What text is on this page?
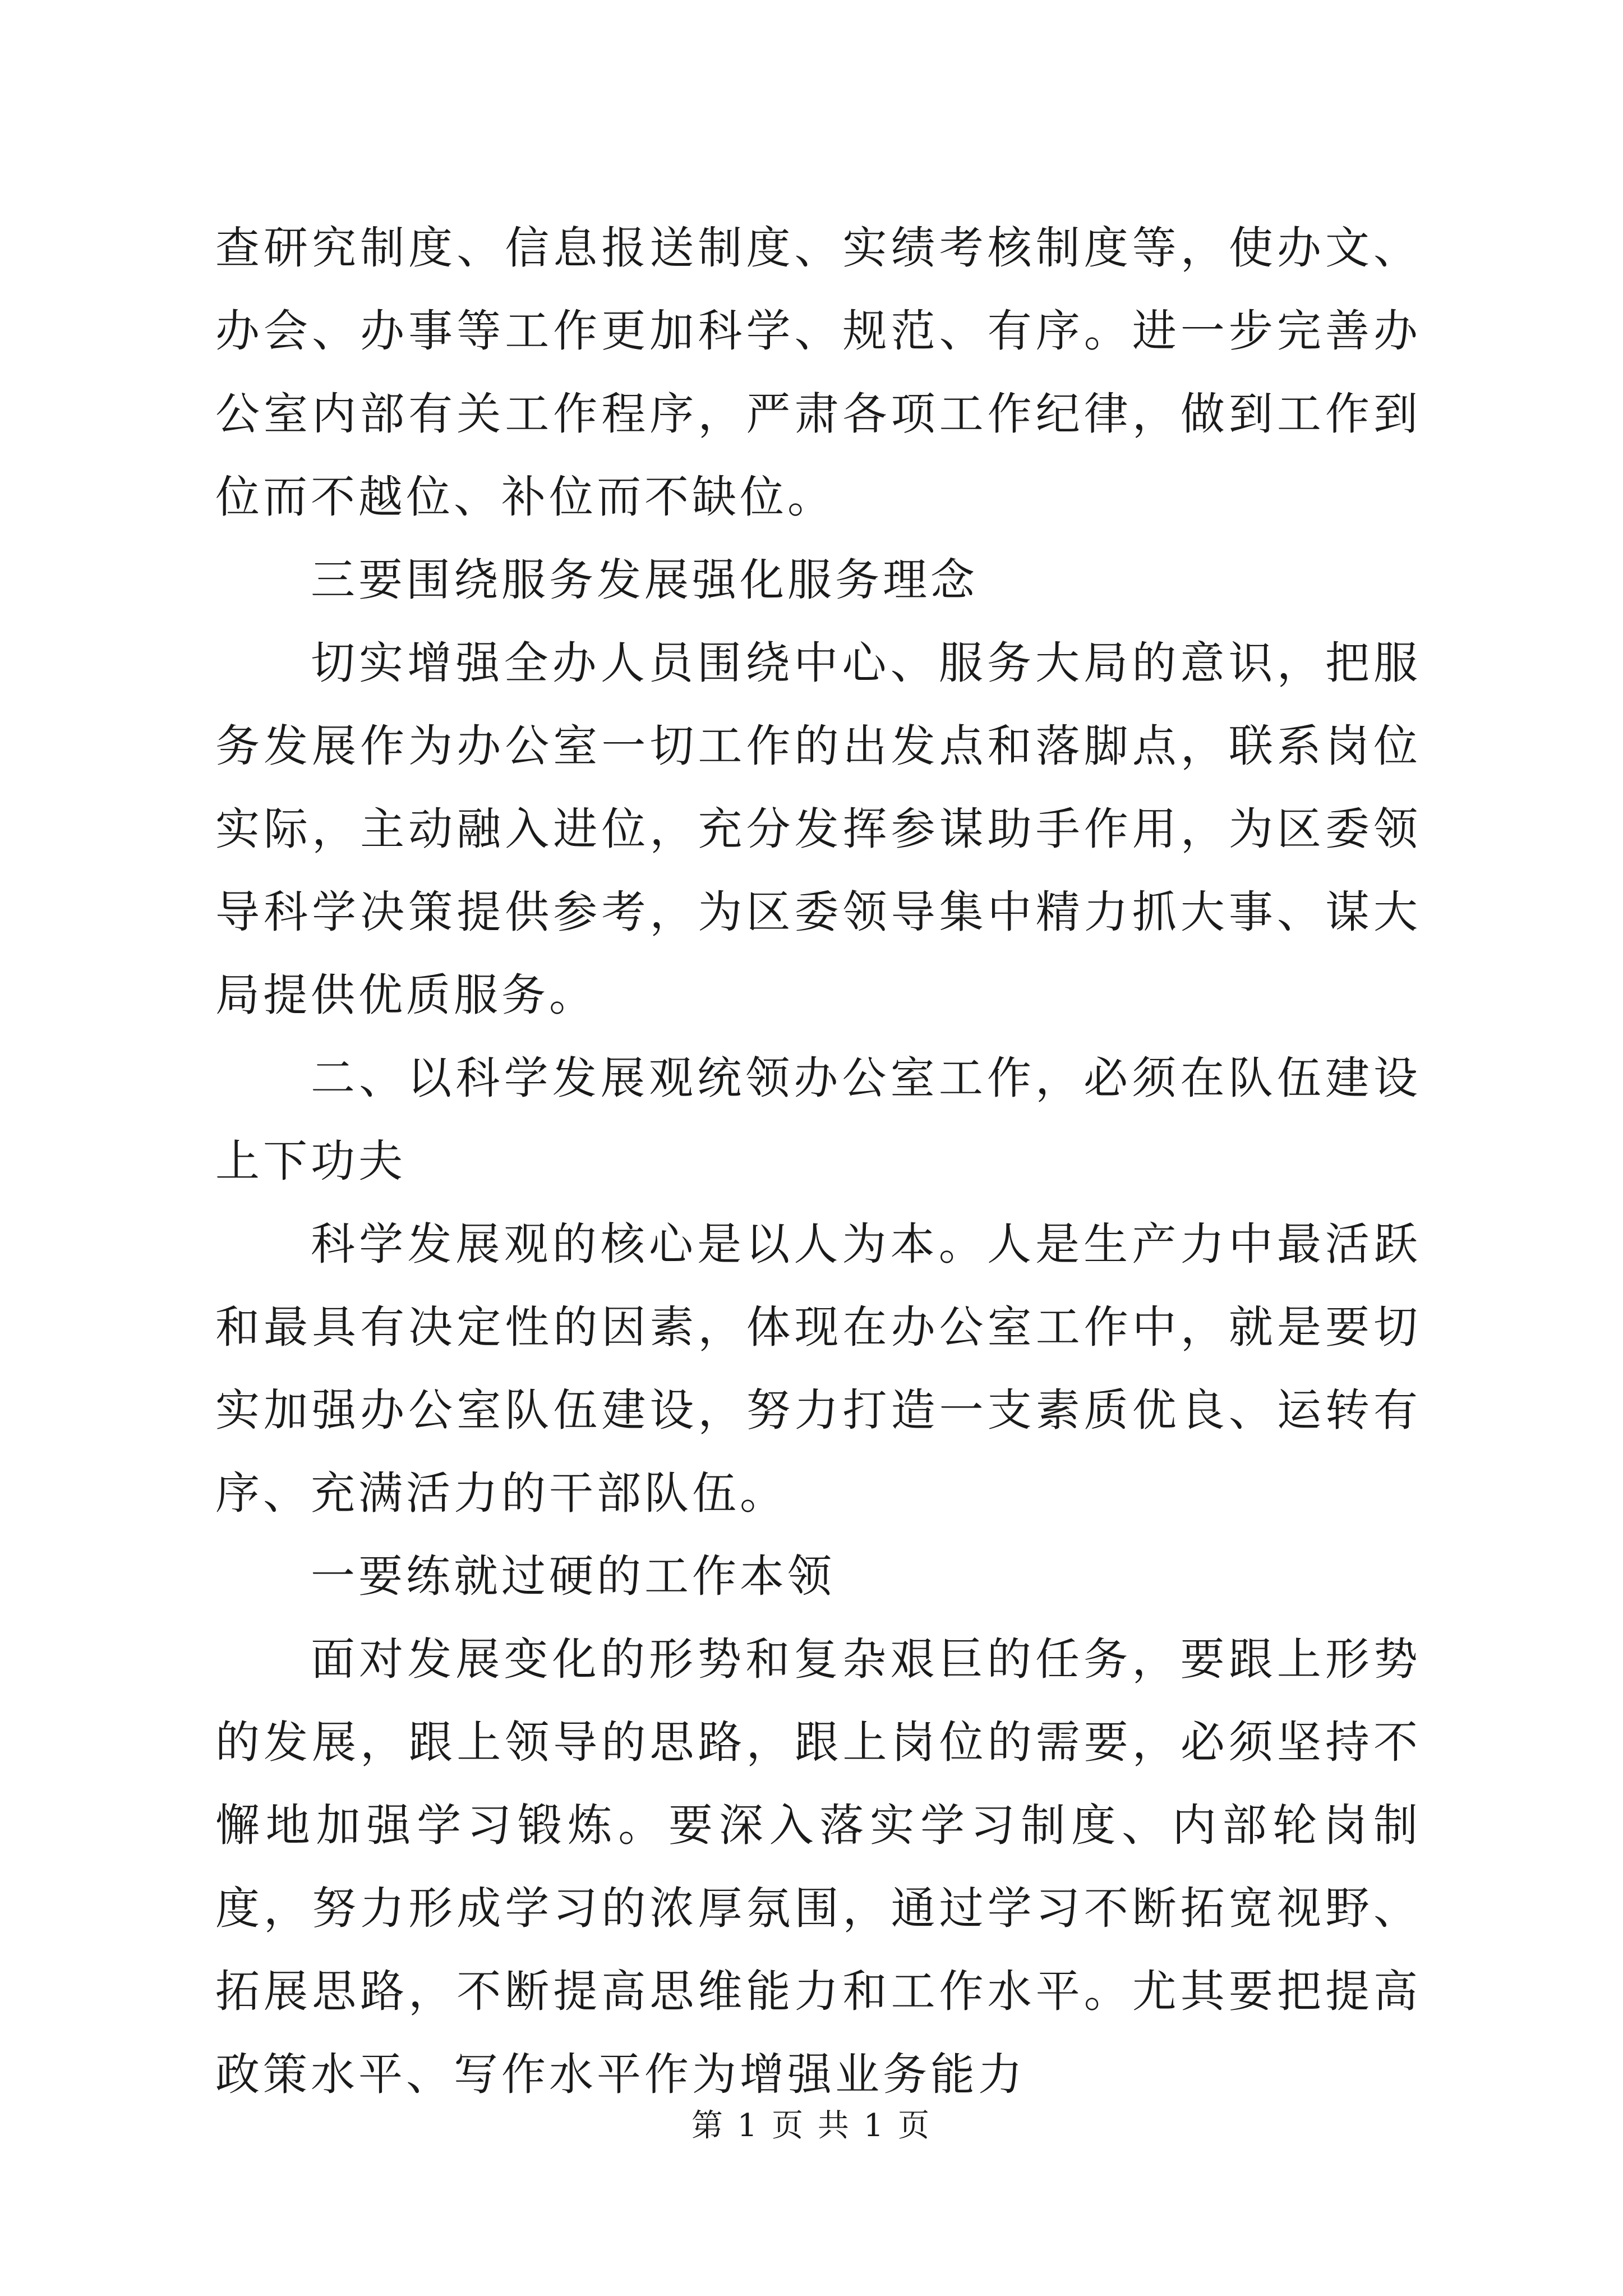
查研究制度、信息报送制度、实绩考核制度等，使办文、办会、办事等工作更加科学、规范、有序。进一步完善办公室内部有关工作程序，严肃各项工作纪律，做到工作到位而不越位、补位而不缺位。

三要围绕服务发展强化服务理念

切实增强全办人员围绕中心、服务大局的意识，把服务发展作为办公室一切工作的出发点和落脚点，联系岗位实际，主动融入进位，充分发挥参谋助手作用，为区委领导科学决策提供参考，为区委领导集中精力抓大事、谋大局提供优质服务。

二、以科学发展观统领办公室工作，必须在队伍建设上下功夫

科学发展观的核心是以人为本。人是生产力中最活跃和最具有决定性的因素，体现在办公室工作中，就是要切实加强办公室队伍建设，努力打造一支素质优良、运转有序、充满活力的干部队伍。

一要练就过硬的工作本领

面对发展变化的形势和复杂艰巨的任务，要跟上形势的发展，跟上领导的思路，跟上岗位的需要，必须坚持不懈地加强学习锻炼。要深入落实学习制度、内部轮岗制度，努力形成学习的浓厚氛围，通过学习不断拓宽视野、拓展思路，不断提高思维能力和工作水平。尤其要把提高政策水平、写作水平作为增强业务能力

第 1 页 共 1 页
